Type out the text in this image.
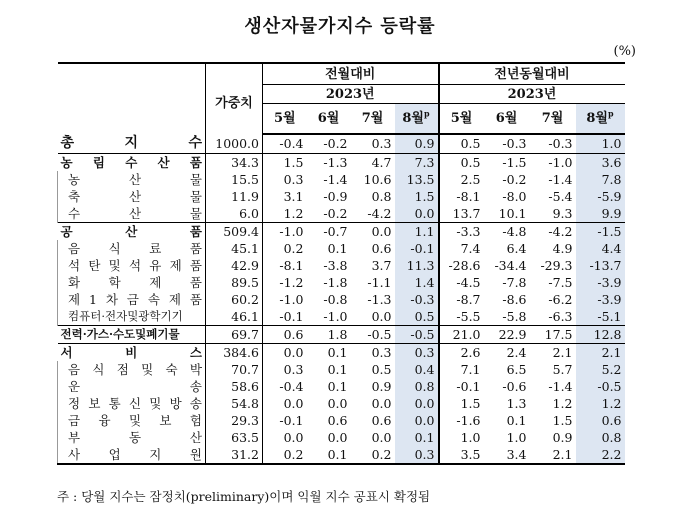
생산자물가지수 등락률
(%)
	가중치	전월대비				전년동월대비			
		2023년				2023년			
		5월	6월	7월	8월$^p$	5월	6월	7월	8월$^p$
총 지 수	1000.0	-0.4	-0.2	0.3	0.9	0.5	-0.3	-0.3	1.0
농 림 수 산 품	34.3	1.5	-1.3	4.7	7.3	0.5	-1.5	-1.0	3.6
농 산 물	15.5	0.3	-1.4	10.6	13.5	2.5	-0.2	-1.4	7.8
축 산 물	11.9	3.1	-0.9	0.8	1.5	-8.1	-8.0	-5.4	-5.9
수 산 물	6.0	1.2	-0.2	-4.2	0.0	13.7	10.1	9.3	9.9
공 산 품	509.4	-1.0	-0.7	0.0	1.1	-3.3	-4.8	-4.2	-1.5
음 식 료 품	45.1	0.2	0.1	0.6	-0.1	7.4	6.4	4.9	4.4
석 탄 및 석 유 제 품	42.9	-8.1	-3.8	3.7	11.3	-28.6	-34.4	-29.3	-13.7
화 학 제 품	89.5	-1.2	-1.8	-1.1	1.4	-4.5	-7.8	-7.5	-3.9
제 1 차 금 속 제 품	60.2	-1.0	-0.8	-1.3	-0.3	-8.7	-8.6	-6.2	-3.9
컴퓨터·전자및광학기기	46.1	-0.1	-1.0	0.0	0.5	-5.5	-5.8	-6.3	-5.1
전력·가스·수도및폐기물	69.7	0.6	1.8	-0.5	-0.5	21.0	22.9	17.5	12.8
서 비 스	384.6	0.0	0.1	0.3	0.3	2.6	2.4	2.1	2.1
음 식 점 및 숙 박	70.7	0.3	0.1	0.5	0.4	7.1	6.5	5.7	5.2
운 송	58.6	-0.4	0.1	0.9	0.8	-0.1	-0.6	-1.4	-0.5
정 보 통 신 및 방 송	54.8	0.0	0.0	0.0	0.0	1.5	1.3	1.2	1.2
금 융 및 보 험	29.3	-0.1	0.6	0.6	0.0	-1.6	0.1	1.5	0.6
부 동 산	63.5	0.0	0.0	0.0	0.1	1.0	1.0	0.9	0.8
사 업 지 원	31.2	0.2	0.1	0.2	0.3	3.5	3.4	2.1	2.2
주 : 당월 지수는 잠정치(preliminary)이며 익월 지수 공표시 확정됨
